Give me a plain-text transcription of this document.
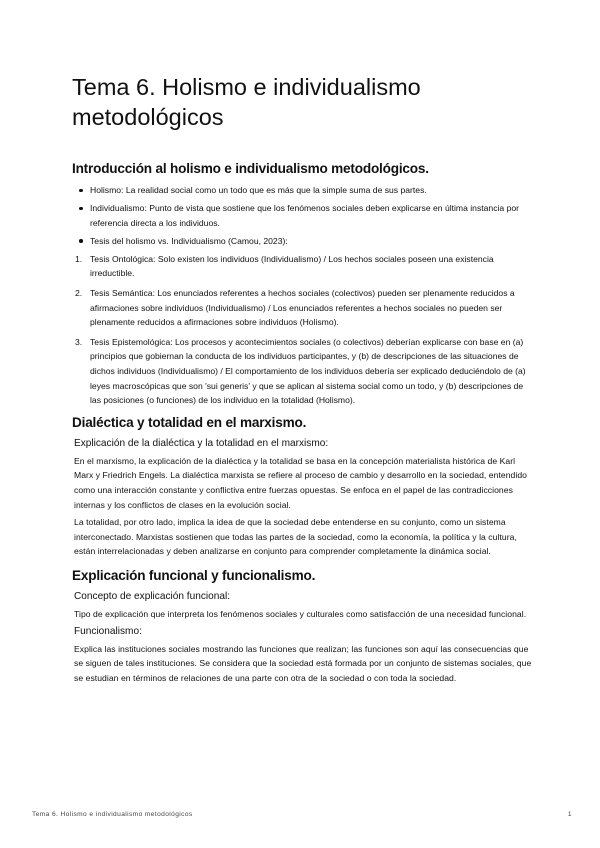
Tema 6. Holismo e individualismo metodológicos
Introducción al holismo e individualismo metodológicos.
Holismo: La realidad social como un todo que es más que la simple suma de sus partes.
Individualismo: Punto de vista que sostiene que los fenómenos sociales deben explicarse en última instancia por referencia directa a los individuos.
Tesis del holismo vs. Individualismo (Camou, 2023):
1. Tesis Ontológica: Solo existen los individuos (Individualismo) / Los hechos sociales poseen una existencia irreductible.
2. Tesis Semántica: Los enunciados referentes a hechos sociales (colectivos) pueden ser plenamente reducidos a afirmaciones sobre individuos (Individualismo) / Los enunciados referentes a hechos sociales no pueden ser plenamente reducidos a afirmaciones sobre individuos (Holismo).
3. Tesis Epistemológica: Los procesos y acontecimientos sociales (o colectivos) deberían explicarse con base en (a) principios que gobiernan la conducta de los individuos participantes, y (b) de descripciones de las situaciones de dichos individuos (Individualismo) / El comportamiento de los individuos debería ser explicado deduciéndolo de (a) leyes macroscópicas que son 'sui generis' y que se aplican al sistema social como un todo, y (b) descripciones de las posiciones (o funciones) de los individuo en la totalidad (Holismo).
Dialéctica y totalidad en el marxismo.
Explicación de la dialéctica y la totalidad en el marxismo:

En el marxismo, la explicación de la dialéctica y la totalidad se basa en la concepción materialista histórica de Karl Marx y Friedrich Engels. La dialéctica marxista se refiere al proceso de cambio y desarrollo en la sociedad, entendido como una interacción constante y conflictiva entre fuerzas opuestas. Se enfoca en el papel de las contradicciones internas y los conflictos de clases en la evolución social.

La totalidad, por otro lado, implica la idea de que la sociedad debe entenderse en su conjunto, como un sistema interconectado. Marxistas sostienen que todas las partes de la sociedad, como la economía, la política y la cultura, están interrelacionadas y deben analizarse en conjunto para comprender completamente la dinámica social.

Explicación funcional y funcionalismo.
Concepto de explicación funcional:

Tipo de explicación que interpreta los fenómenos sociales y culturales como satisfacción de una necesidad funcional.

Funcionalismo:

Explica las instituciones sociales mostrando las funciones que realizan; las funciones son aquí las consecuencias que se siguen de tales instituciones. Se considera que la sociedad está formada por un conjunto de sistemas sociales, que se estudian en términos de relaciones de una parte con otra de la sociedad o con toda la sociedad.

Tema 6. Holismo e individualismo metodológicos	1
